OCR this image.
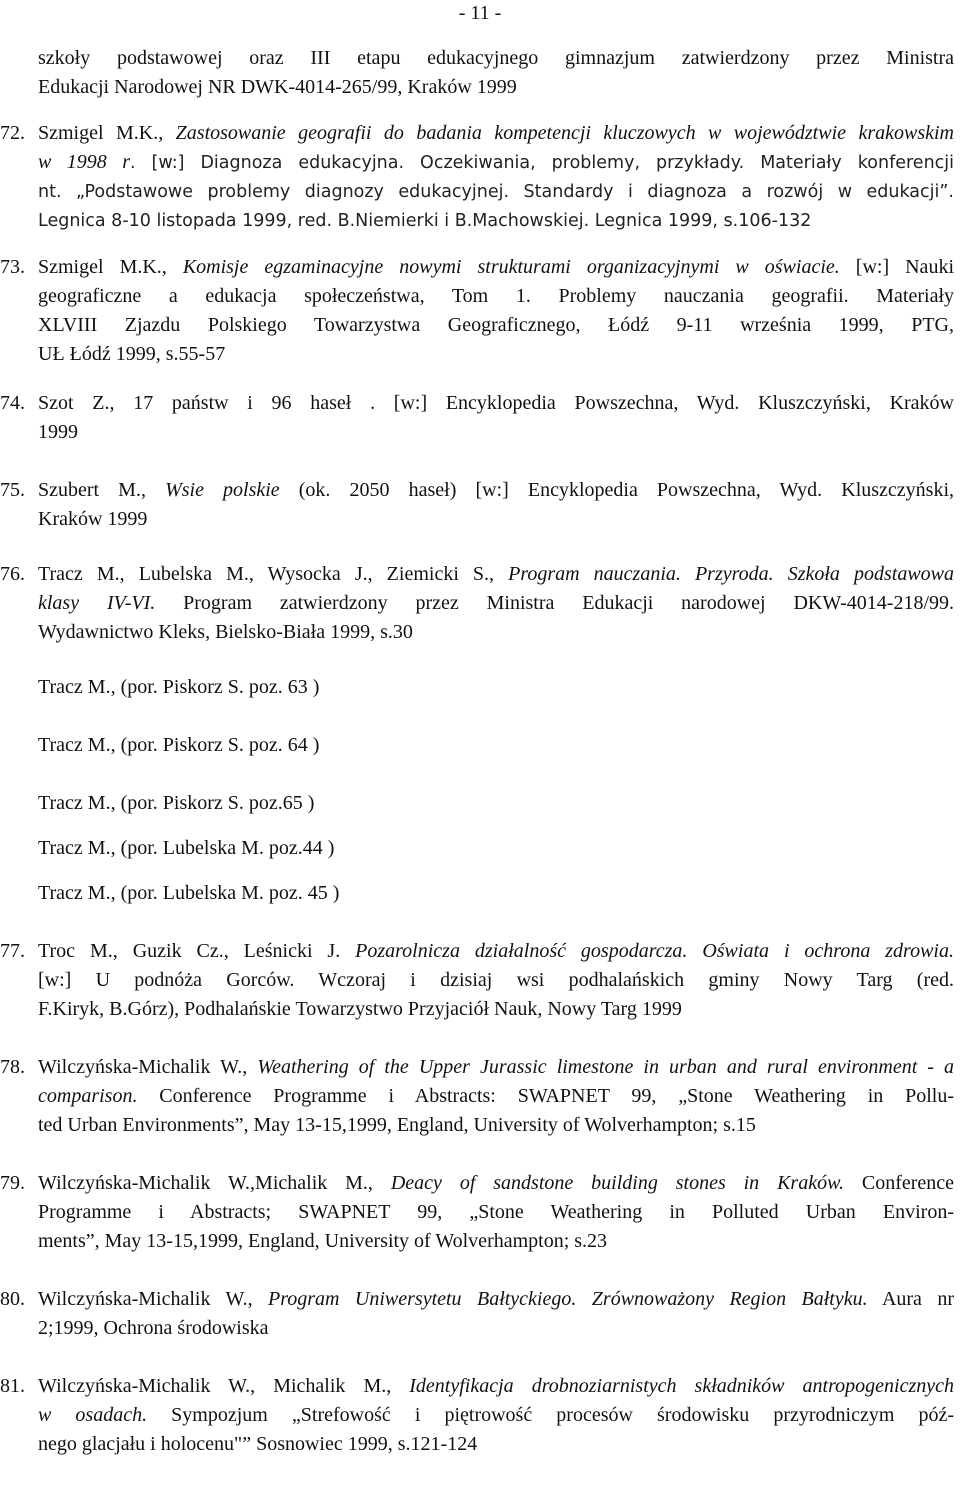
- 11 -
szkoły podstawowej oraz III etapu edukacyjnego gimnazjum zatwierdzony przez Ministra
Edukacji Narodowej NR DWK-4014-265/99, Kraków 1999
72. Szmigel M.K., Zastosowanie geografii do badania kompetencji kluczowych w województwie krakowskim
w 1998 r. [w:] Diagnoza edukacyjna. Oczekiwania, problemy, przykłady. Materiały konferencji
nt. „Podstawowe problemy diagnozy edukacyjnej. Standardy i diagnoza a rozwój w edukacji”.
Legnica 8-10 listopada 1999, red. B.Niemierki i B.Machowskiej. Legnica 1999, s.106-132
73. Szmigel M.K., Komisje egzaminacyjne nowymi strukturami organizacyjnymi w oświacie. [w:] Nauki
geograficzne a edukacja społeczeństwa, Tom 1. Problemy nauczania geografii. Materiały
XLVIII Zjazdu Polskiego Towarzystwa Geograficznego, Łódź 9-11 września 1999, PTG,
UŁ Łódź 1999, s.55-57
74. Szot Z., 17 państw i 96 haseł . [w:] Encyklopedia Powszechna, Wyd. Kluszczyński, Kraków
1999
75. Szubert M., Wsie polskie (ok. 2050 haseł) [w:] Encyklopedia Powszechna, Wyd. Kluszczyński,
Kraków 1999
76. Tracz M., Lubelska M., Wysocka J., Ziemicki S., Program nauczania. Przyroda. Szkoła podstawowa
klasy IV-VI. Program zatwierdzony przez Ministra Edukacji narodowej DKW-4014-218/99.
Wydawnictwo Kleks, Bielsko-Biała 1999, s.30
Tracz M., (por. Piskorz S. poz. 63 )
Tracz M., (por. Piskorz S. poz. 64 )
Tracz M., (por. Piskorz S. poz.65 )
Tracz M., (por. Lubelska M. poz.44 )
Tracz M., (por. Lubelska M. poz. 45 )
77. Troc M., Guzik Cz., Leśnicki J. Pozarolnicza działalność gospodarcza. Oświata i ochrona zdrowia.
[w:] U podnóża Gorców. Wczoraj i dzisiaj wsi podhalańskich gminy Nowy Targ (red.
F.Kiryk, B.Górz), Podhalańskie Towarzystwo Przyjaciół Nauk, Nowy Targ 1999
78. Wilczyńska-Michalik W., Weathering of the Upper Jurassic limestone in urban and rural environment - a
comparison. Conference Programme i Abstracts: SWAPNET 99, „Stone Weathering in Pollu-
ted Urban Environments”, May 13-15,1999, England, University of Wolverhampton; s.15
79. Wilczyńska-Michalik W.,Michalik M., Deacy of sandstone building stones in Kraków. Conference
Programme i Abstracts; SWAPNET 99, „Stone Weathering in Polluted Urban Environ-
ments”, May 13-15,1999, England, University of Wolverhampton; s.23
80. Wilczyńska-Michalik W., Program Uniwersytetu Bałtyckiego. Zrównoważony Region Bałtyku. Aura nr
2;1999, Ochrona środowiska
81. Wilczyńska-Michalik W., Michalik M., Identyfikacja drobnoziarnistych składników antropogenicznych
w osadach. Sympozjum „Strefowość i piętrowość procesów środowisku przyrodniczym póź-
nego glacjału i holocenu"” Sosnowiec 1999, s.121-124
